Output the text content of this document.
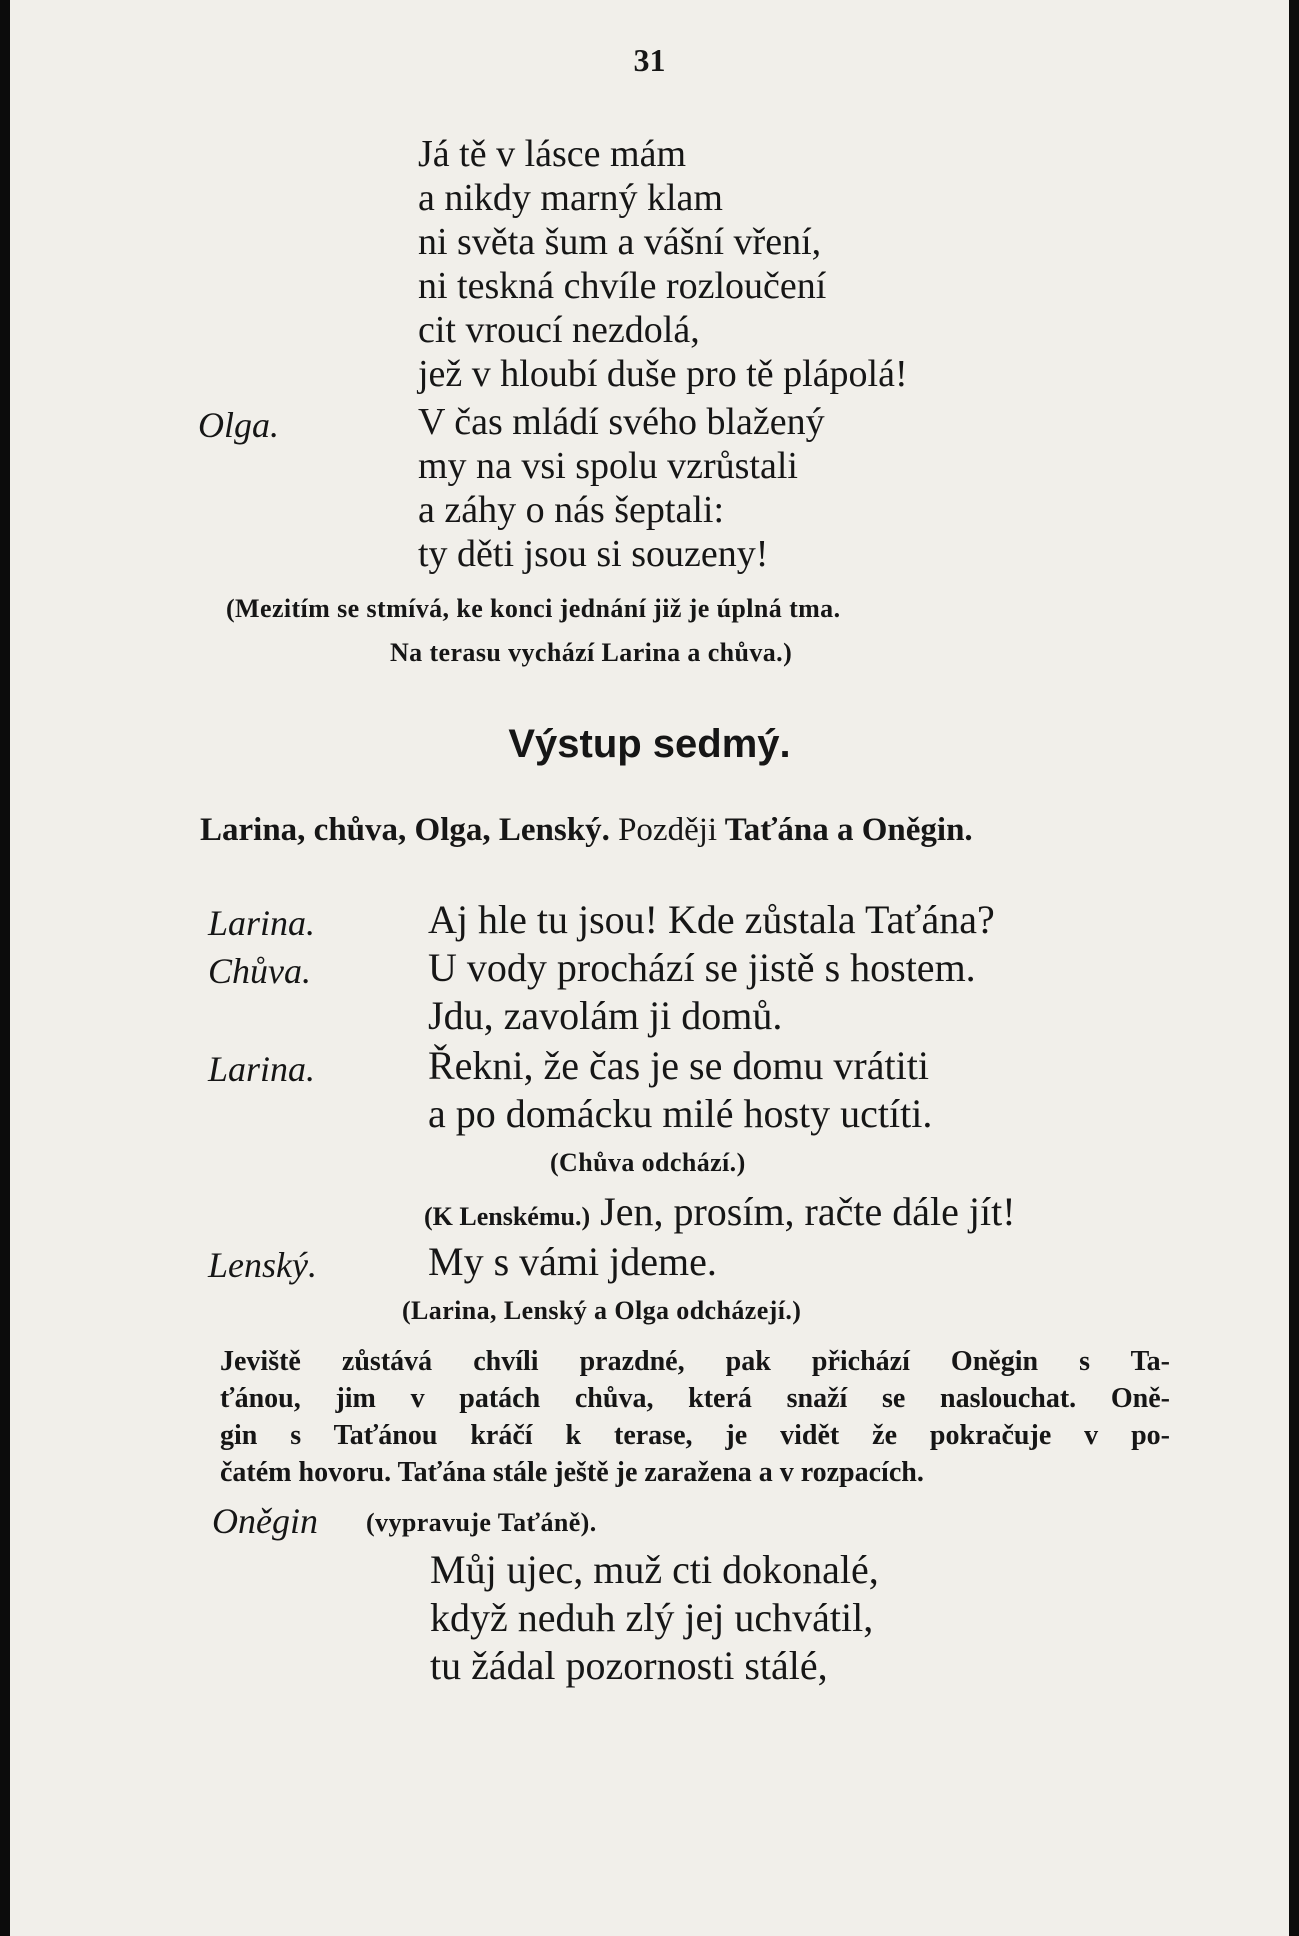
31
Já tě v lásce mám
a nikdy marný klam
ni světa šum a vášní vření,
ni teskná chvíle rozloučení
cit vroucí nezdolá,
jež v hloubí duše pro tě plápolá!
Olga.	V čas mládí svého blažený
my na vsi spolu vzrůstali
a záhy o nás šeptali:
ty děti jsou si souzeny!
(Mezitím se stmívá, ke konci jednání již je úplná tma.
Na terasu vychází Larina a chůva.)
Výstup sedmý.
Larina, chůva, Olga, Lenský. Později Taťána a Oněgin.
Larina.	Aj hle tu jsou! Kde zůstala Taťána?
Chůva.	U vody prochází se jistě s hostem.
Jdu, zavolám ji domů.
Larina.	Řekni, že čas je se domu vrátiti
a po domácku milé hosty uctíti.
(Chůva odchází.)
(K Lenskému.) Jen, prosím, račte dále jít!
Lenský.	My s vámi jdeme.
(Larina, Lenský a Olga odcházejí.)
Jeviště zůstává chvíli prazdné, pak přichází Oněgin s Ta-
ťánou, jim v patách chůva, která snaží se naslouchat. Oně-
gin s Taťánou kráčí k terase, je vidět že pokračuje v po-
čatém hovoru. Taťána stále ještě je zaražena a v rozpacích.
Oněgin (vypravuje Taťáně).
Můj ujec, muž cti dokonalé,
když neduh zlý jej uchvátil,
tu žádal pozornosti stálé,
